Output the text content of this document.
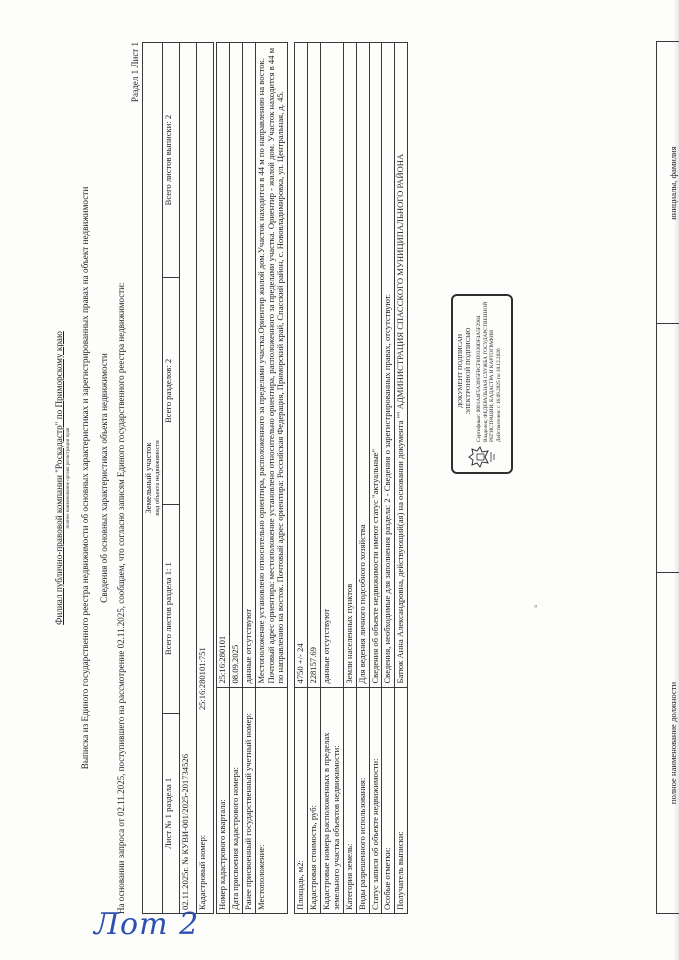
Филиал публично-правовой компании "Роскадастр" по Приморскому краю полное наименование органа регистрации прав Выписка из Единого государственного реестра недвижимости об основных характеристиках и зарегистрированных правах на объект недвижимости Сведения об основных характеристиках объекта недвижимости На основании запроса от 02.11.2025, поступившего на рассмотрение 02.11.2025, сообщаем, что согласно записям Единого государственного реестра недвижимости:
Раздел 1 Лист 1
Земельный участок вид объекта недвижимости			

Лист № 1 раздела 1	Всего листов раздела 1: 1	Всего разделов: 2	Всего листов выписки: 2
02.11.2025г. № КУВИ-001/2025-201734526			
Кадастровый номер:	25:16:280101:751		
Номер кадастрового квартала:	25:16:280101
Дата присвоения кадастрового номера:	08.09.2025
Ранее присвоенный государственный учетный номер:	данные отсутствуют
Местоположение:	Местоположение установлено относительно ориентира, расположенного за пределами участка.Ориентир жилой дом.Участок находится в 44 м по направлению на восток. Почтовый адрес ориентира: местоположение установлено относительно ориентира, расположенного за пределами участка. Ориентир - жилой дом. Участок находится в 44 м по направлению на восток. Почтовый адрес ориентира: Российская Федерация, Приморский край, Спасский район, с. Нововладимировка, ул. Центральная, д. 45.

Площадь, м2:	4750 +/- 24
Кадастровая стоимость, руб:	228157.69
Кадастровые номера расположенных в пределах земельного участка объектов недвижимости:	данные отсутствуют
Категория земель:	Земли населенных пунктов
Виды разрешенного использования:	Для ведения личного подсобного хозяйства
Статус записи об объекте недвижимости:	Сведения об объекте недвижимости имеют статус "актуальные"
Особые отметки:	Сведения, необходимые для заполнения раздела: 2 - Сведения о зарегистрированных правах, отсутствуют.
Получатель выписки:	Батюк Анна Александровна, действующий(ая) на основании документа "" АДМИНИСТРАЦИЯ СПАССКОГО МУНИЦИПАЛЬНОГО РАЙОНА	ДОКУМЕНТ ПОДПИСАН ЭЛЕКТРОННОЙ ПОДПИСЬЮ Сертификат: 0091A4F5A3995FBCF0D9330DF4A5F2904 Владелец: ФЕДЕРАЛЬНАЯ СЛУЖБА ГОСУДАРСТВЕННОЙ РЕГИСТРАЦИИ, КАДАСТРА И КАРТОГРАФИИ Действителен: с 16.09.2025 по 10.12.2026
◦
полное наименование должности
инициалы, фамилия
Лот 2
